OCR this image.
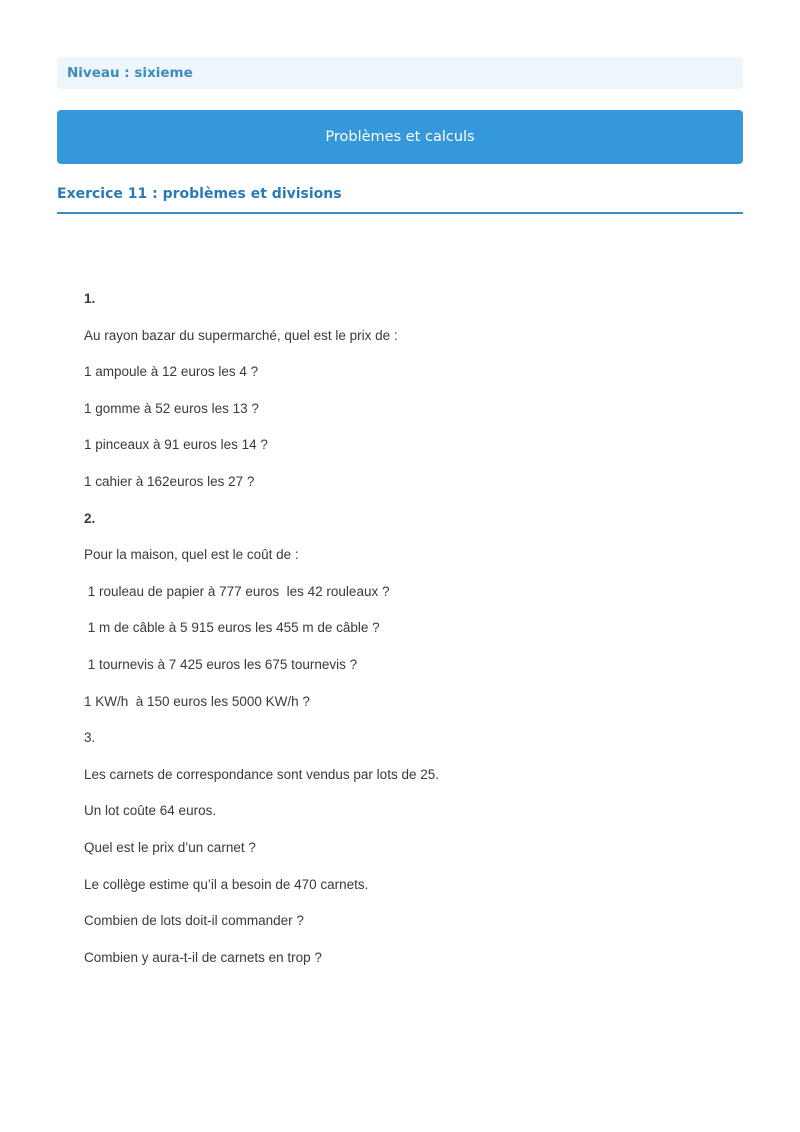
Niveau : sixieme
Problèmes et calculs
Exercice 11 : problèmes et divisions

1.

Au rayon bazar du supermarché, quel est le prix de :

1 ampoule à 12 euros les 4 ?

1 gomme à 52 euros les 13 ?

1 pinceaux à 91 euros les 14 ?

1 cahier à 162euros les 27 ?

2.

Pour la maison, quel est le coût de :

1 rouleau de papier à 777 euros  les 42 rouleaux ?

1 m de câble à 5 915 euros les 455 m de câble ?

1 tournevis à 7 425 euros les 675 tournevis ?

1 KW/h  à 150 euros les 5000 KW/h ?

3.

Les carnets de correspondance sont vendus par lots de 25.

Un lot coûte 64 euros.

Quel est le prix d’un carnet ?

Le collège estime qu’il a besoin de 470 carnets.

Combien de lots doit-il commander ?

Combien y aura-t-il de carnets en trop ?
